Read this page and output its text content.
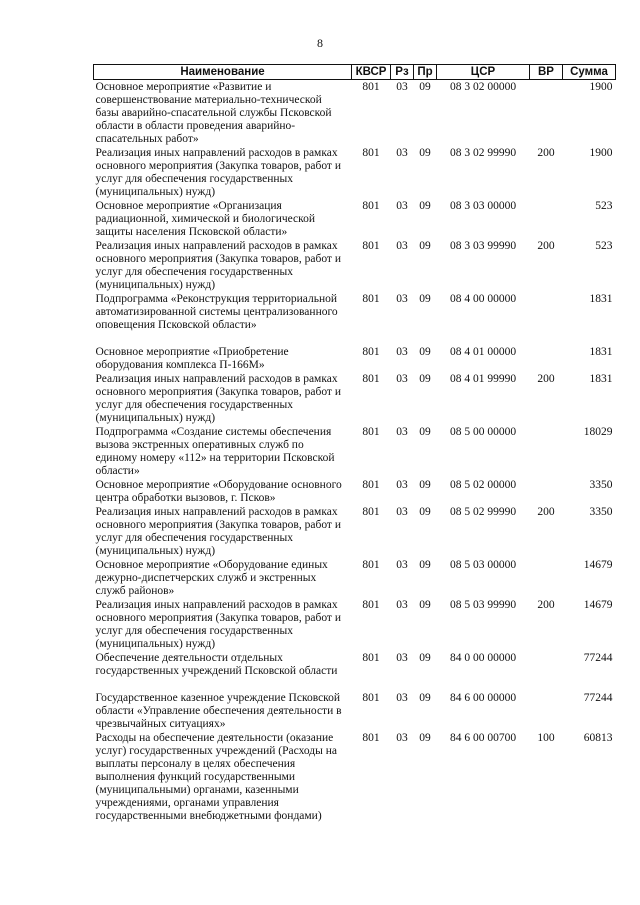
8
Наименование	КВСР	Рз	Пр	ЦСР	ВР	Сумма
Основное мероприятие «Развитие и совершенствование материально-технической базы аварийно-спасательной службы Псковской области в области проведения аварийно-спасательных работ»	801	03	09	08 3 02 00000		1900
Реализация иных направлений расходов в рамках основного мероприятия (Закупка товаров, работ и услуг для обеспечения государственных (муниципальных) нужд)	801	03	09	08 3 02 99990	200	1900
Основное мероприятие «Организация радиационной, химической и биологической защиты населения Псковской области»	801	03	09	08 3 03 00000		523
Реализация иных направлений расходов в рамках основного мероприятия (Закупка товаров, работ и услуг для обеспечения государственных (муниципальных) нужд)	801	03	09	08 3 03 99990	200	523
Подпрограмма «Реконструкция территориальной автоматизированной системы централизованного оповещения Псковской области»	801	03	09	08 4 00 00000		1831
Основное мероприятие «Приобретение оборудования комплекса П-166М»	801	03	09	08 4 01 00000		1831
Реализация иных направлений расходов в рамках основного мероприятия (Закупка товаров, работ и услуг для обеспечения государственных (муниципальных) нужд)	801	03	09	08 4 01 99990	200	1831
Подпрограмма «Создание системы обеспечения вызова экстренных оперативных служб по единому номеру «112» на территории Псковской области»	801	03	09	08 5 00 00000		18029
Основное мероприятие «Оборудование основного центра обработки вызовов, г. Псков»	801	03	09	08 5 02 00000		3350
Реализация иных направлений расходов в рамках основного мероприятия (Закупка товаров, работ и услуг для обеспечения государственных (муниципальных) нужд)	801	03	09	08 5 02 99990	200	3350
Основное мероприятие «Оборудование единых дежурно-диспетчерских служб и экстренных служб районов»	801	03	09	08 5 03 00000		14679
Реализация иных направлений расходов в рамках основного мероприятия (Закупка товаров, работ и услуг для обеспечения государственных (муниципальных) нужд)	801	03	09	08 5 03 99990	200	14679
Обеспечение деятельности отдельных государственных учреждений Псковской области	801	03	09	84 0 00 00000		77244
Государственное казенное учреждение Псковской области «Управление обеспечения деятельности в чрезвычайных ситуациях»	801	03	09	84 6 00 00000		77244
Расходы на обеспечение деятельности (оказание услуг) государственных учреждений (Расходы на выплаты персоналу в целях обеспечения выполнения функций государственными (муниципальными) органами, казенными учреждениями, органами управления государственными внебюджетными фондами)	801	03	09	84 6 00 00700	100	60813
